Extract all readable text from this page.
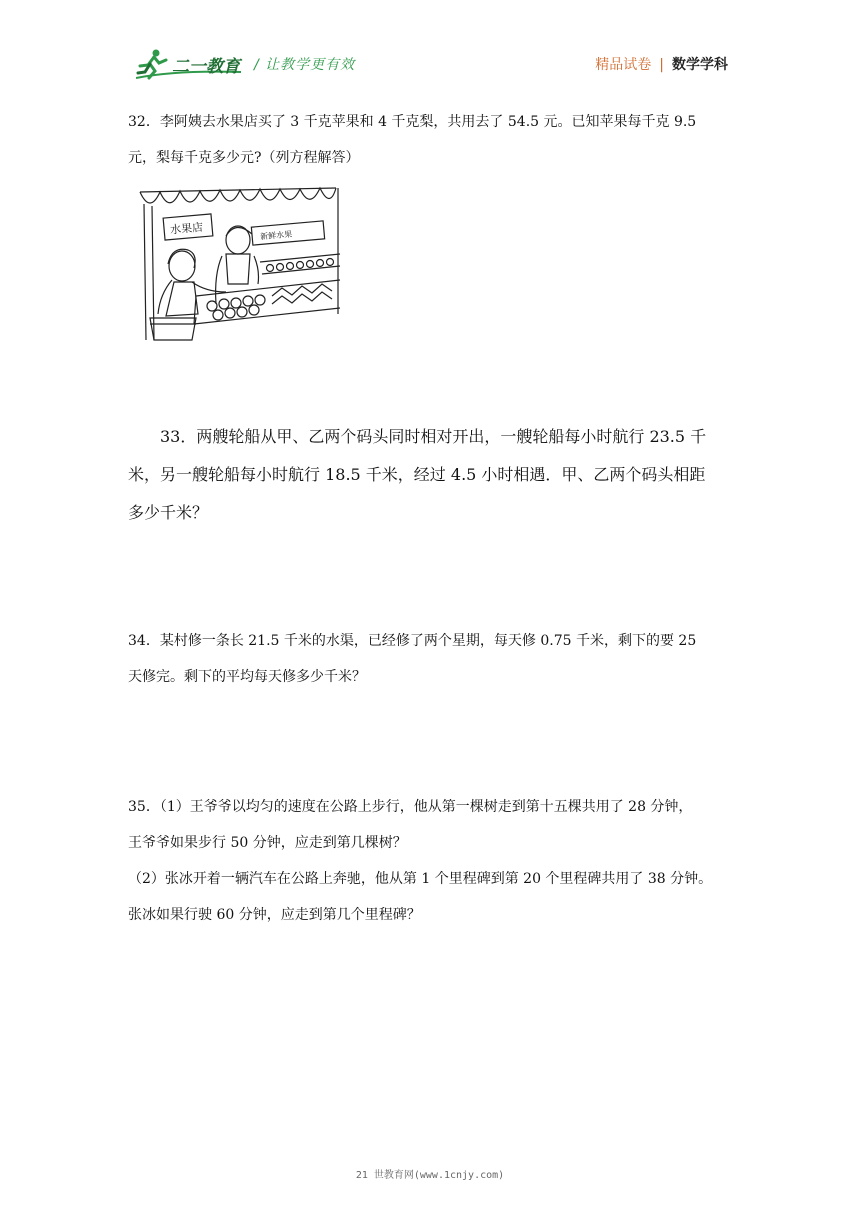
二一教育 / 让教学更有效	精品试卷 | 数学学科

32．李阿姨去水果店买了 3 千克苹果和 4 千克梨，共用去了 54.5 元。已知苹果每千克 9.5

元，梨每千克多少元?（列方程解答）

水果店	新鲜水果

33．两艘轮船从甲、乙两个码头同时相对开出，一艘轮船每小时航行 23.5 千

米，另一艘轮船每小时航行 18.5 千米，经过 4.5 小时相遇．甲、乙两个码头相距

多少千米？

34．某村修一条长 21.5 千米的水渠，已经修了两个星期，每天修 0.75 千米，剩下的要 25

天修完。剩下的平均每天修多少千米？

35．（1）王爷爷以均匀的速度在公路上步行，他从第一棵树走到第十五棵共用了 28 分钟，

王爷爷如果步行 50 分钟，应走到第几棵树？

（2）张冰开着一辆汽车在公路上奔驰，他从第 1 个里程碑到第 20 个里程碑共用了 38 分钟。

张冰如果行驶 60 分钟，应走到第几个里程碑？

21 世教育网(www.1cnjy.com)
